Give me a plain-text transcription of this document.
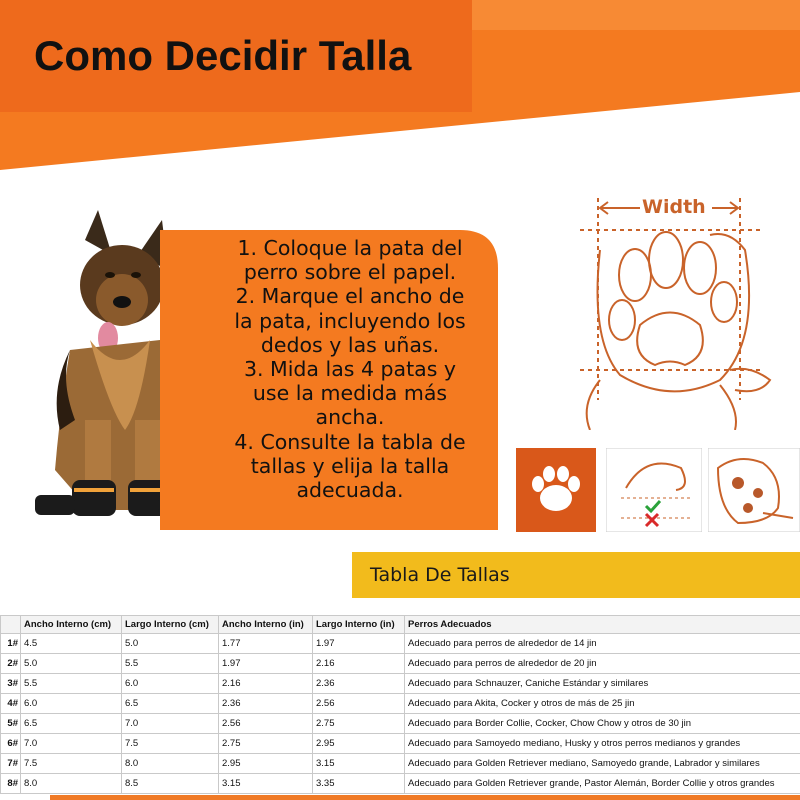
Como Decidir Talla
1. Coloque la pata del
perro sobre el papel.
2. Marque el ancho de
la pata, incluyendo los
dedos y las uñas.
3. Mida las 4 patas y
use la medida más
ancha.
4. Consulte la tabla de
tallas y elija la talla
adecuada.
Width
Tabla De Tallas
	Ancho Interno (cm)	Largo Interno (cm)	Ancho Interno (in)	Largo Interno (in)	Perros Adecuados
1#	4.5	5.0	1.77	1.97	Adecuado para perros de alrededor de 14 jin
2#	5.0	5.5	1.97	2.16	Adecuado para perros de alrededor de 20 jin
3#	5.5	6.0	2.16	2.36	Adecuado para Schnauzer, Caniche Estándar y similares
4#	6.0	6.5	2.36	2.56	Adecuado para Akita, Cocker y otros de más de 25 jin
5#	6.5	7.0	2.56	2.75	Adecuado para Border Collie, Cocker, Chow Chow y otros de 30 jin
6#	7.0	7.5	2.75	2.95	Adecuado para Samoyedo mediano, Husky y otros perros medianos y grandes
7#	7.5	8.0	2.95	3.15	Adecuado para Golden Retriever mediano, Samoyedo grande, Labrador y similares
8#	8.0	8.5	3.15	3.35	Adecuado para Golden Retriever grande, Pastor Alemán, Border Collie y otros grandes
